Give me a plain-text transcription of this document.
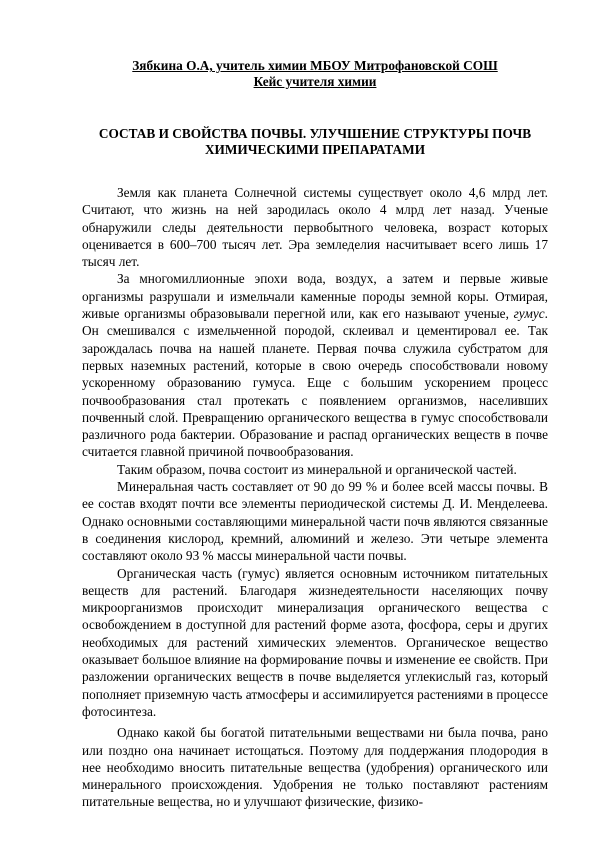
Зябкина О.А, учитель химии МБОУ Митрофановской СОШ

Кейс учителя химии

СОСТАВ И СВОЙСТВА ПОЧВЫ. УЛУЧШЕНИЕ СТРУКТУРЫ ПОЧВ ХИМИЧЕСКИМИ ПРЕПАРАТАМИ

Земля как планета Солнечной системы существует около 4,6 млрд лет. Считают, что жизнь на ней зародилась около 4 млрд лет назад. Ученые обнаружили следы деятельности первобытного человека, возраст которых оценивается в 600–700 тысяч лет. Эра земледелия насчитывает всего лишь 17 тысяч лет.

За многомиллионные эпохи вода, воздух, а затем и первые живые организмы разрушали и измельчали каменные породы земной коры. Отмирая, живые организмы образовывали перегной или, как его называют ученые, гумус. Он смешивался с измельченной породой, склеивал и цементировал ее. Так зарождалась почва на нашей планете. Первая почва служила субстратом для первых наземных растений, которые в свою очередь способствовали новому ускоренному образованию гумуса. Еще с большим ускорением процесс почвообразования стал протекать с появлением организмов, населивших почвенный слой. Превращению органического вещества в гумус способствовали различного рода бактерии. Образование и распад органических веществ в почве считается главной причиной почвообразования.

Таким образом, почва состоит из минеральной и органической частей.

Минеральная часть составляет от 90 до 99 % и более всей массы почвы. В ее состав входят почти все элементы периодической системы Д. И. Менделеева. Однако основными составляющими минеральной части почв являются связанные в соединения кислород, кремний, алюминий и железо. Эти четыре элемента составляют около 93 % массы минеральной части почвы.

Органическая часть (гумус) является основным источником питательных веществ для растений. Благодаря жизнедеятельности населяющих почву микроорганизмов происходит минерализация органического вещества с освобождением в доступной для растений форме азота, фосфора, серы и других необходимых для растений химических элементов. Органическое вещество оказывает большое влияние на формирование почвы и изменение ее свойств. При разложении органических веществ в почве выделяется углекислый газ, который пополняет приземную часть атмосферы и ассимилируется растениями в процессе фотосинтеза.

Однако какой бы богатой питательными веществами ни была почва, рано или поздно она начинает истощаться. Поэтому для поддержания плодородия в нее необходимо вносить питательные вещества (удобрения) органического или минерального происхождения. Удобрения не только поставляют растениям питательные вещества, но и улучшают физические, физико-
